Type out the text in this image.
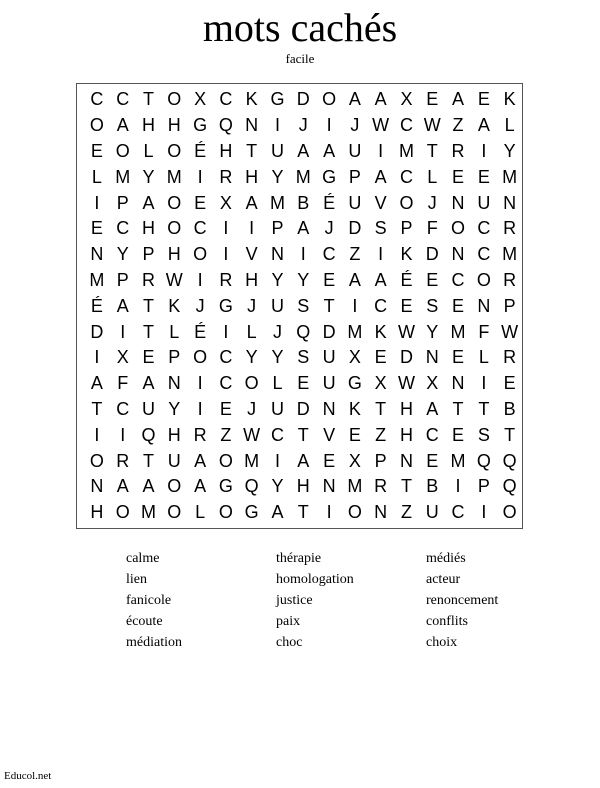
mots cachés
facile
C C T O X C K G D O A A X E A E K
O A H H G Q N I	J	I	J W C W Z A L
E O L O É H T U A A U I M T R I Y
L M Y M I R H Y M G P A C L E E M
I P A O E X A M B É U V O J N U N
E C H O C I	I P A J D S P F O C R
N Y P H O I V N I C Z I K D N C M
M P R W I R H Y Y E A A É E C O R
É A T K J G J U S T I C E S E N P
D I T L É I	L J Q D M K W Y M F W
I X E P O C Y Y S U X E D N E L R
A F A N I C O L E U G X W X N I E
T C U Y I E J U D N K T H A T T B
I	I Q H R Z W C T V E Z H C E S T
O R T U A O M I A E X P N E M Q Q
N A A O A G Q Y H N M R T B I P Q
H O M O L O G A T I O N Z U C I O
calme	thérapie	médiés
lien	homologation	acteur
fanicole	justice	renoncement
écoute	paix	conflits
médiation	choc	choix
Educol.net
